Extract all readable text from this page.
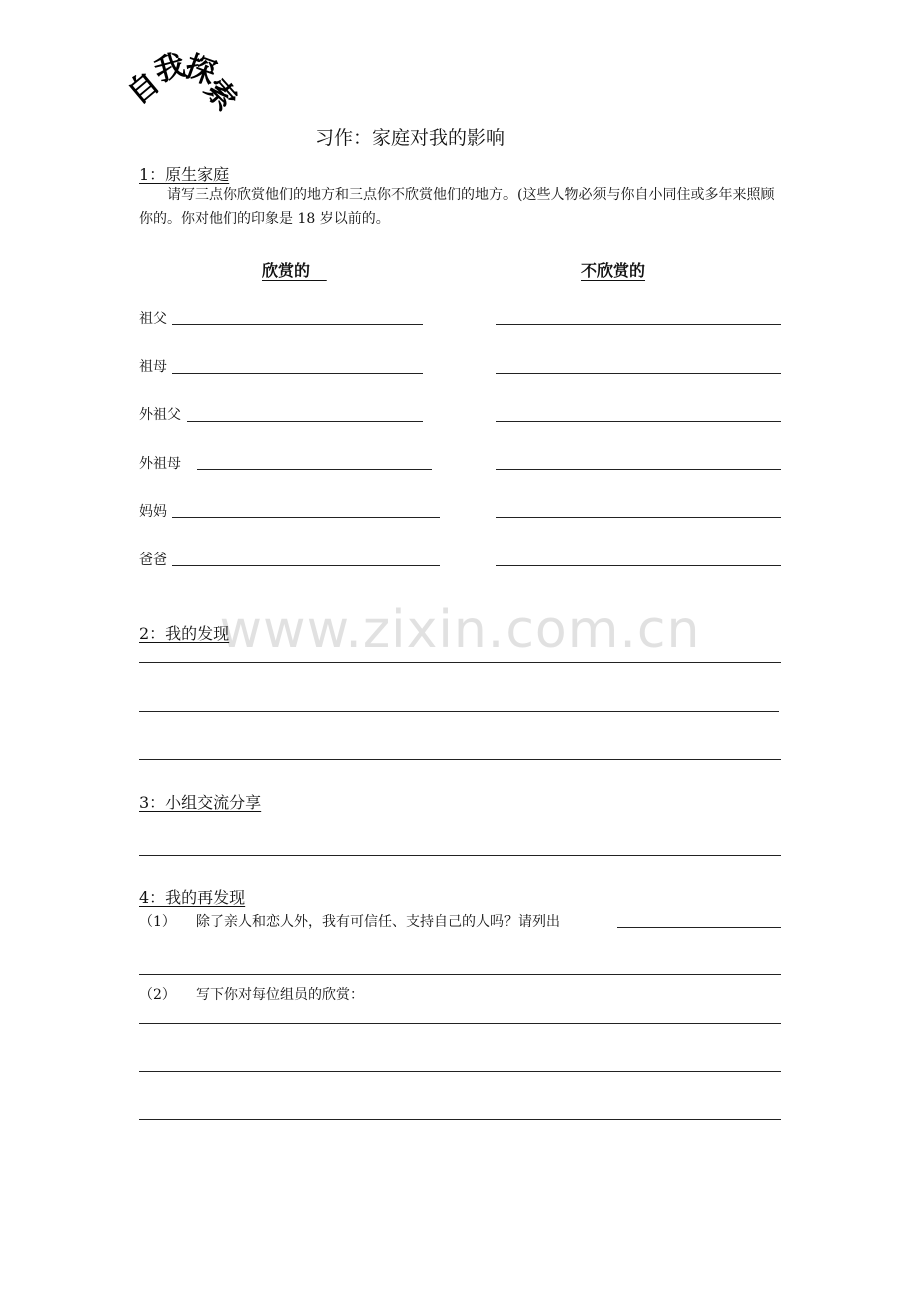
自
我
探
索
习作：家庭对我的影响
1：原生家庭
请写三点你欣赏他们的地方和三点你不欣赏他们的地方。(这些人物必须与你自小同住或多年来照顾你的。你对他们的印象是 18 岁以前的。
欣赏的	不欣赏的
祖父
祖母
外祖父
外祖母
妈妈
爸爸
www.zixin.com.cn
2：我的发现
3：小组交流分享
4：我的再发现
（1） 除了亲人和恋人外，我有可信任、支持自己的人吗？请列出
（2） 写下你对每位组员的欣赏：
